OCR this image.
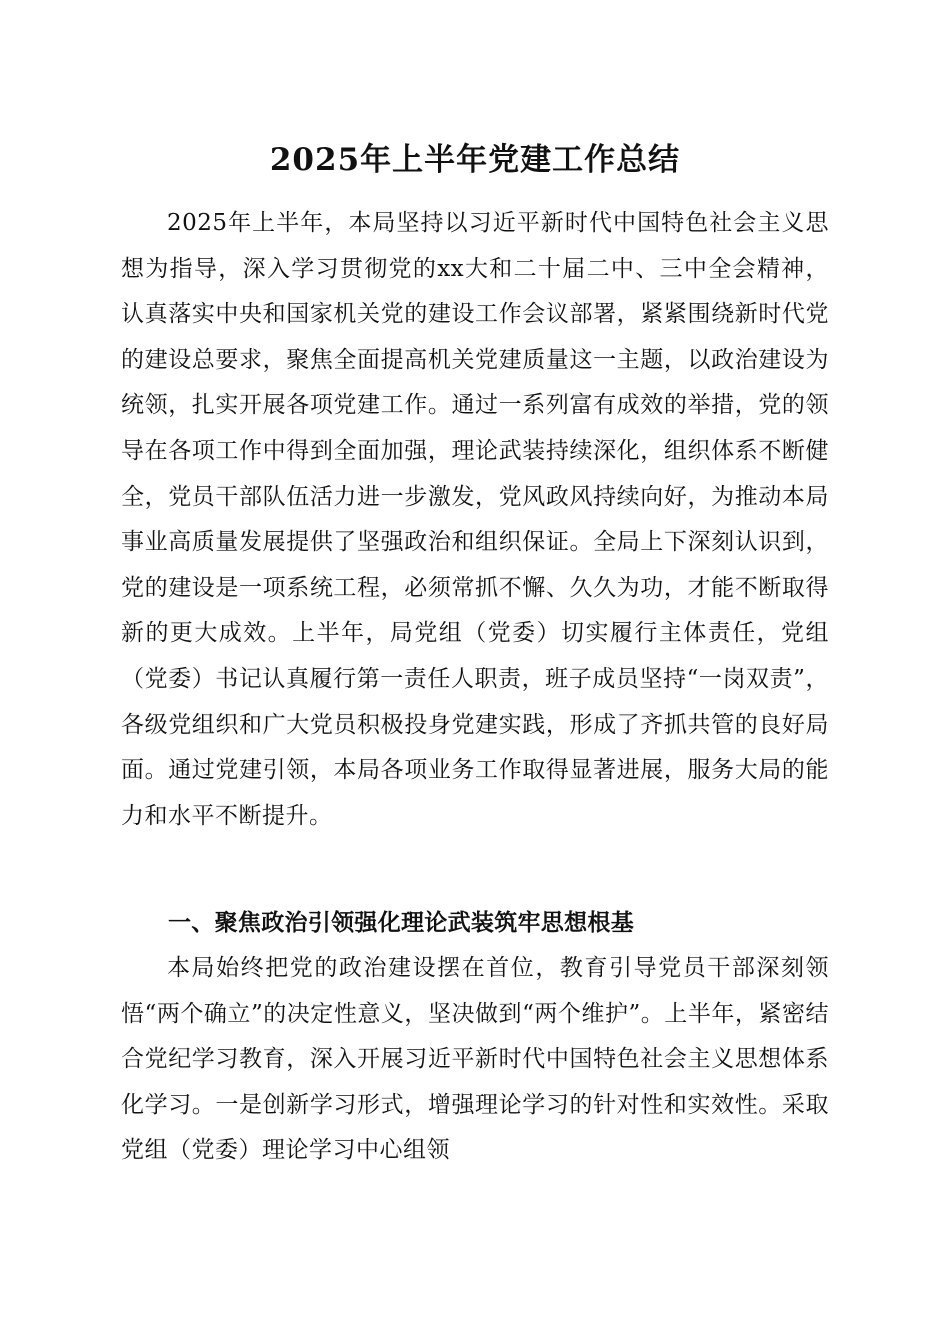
2025年上半年党建工作总结

2025年上半年，本局坚持以习近平新时代中国特色社会主义思想为指导，深入学习贯彻党的xx大和二十届二中、三中全会精神，认真落实中央和国家机关党的建设工作会议部署，紧紧围绕新时代党的建设总要求，聚焦全面提高机关党建质量这一主题，以政治建设为统领，扎实开展各项党建工作。通过一系列富有成效的举措，党的领导在各项工作中得到全面加强，理论武装持续深化，组织体系不断健全，党员干部队伍活力进一步激发，党风政风持续向好，为推动本局事业高质量发展提供了坚强政治和组织保证。全局上下深刻认识到，党的建设是一项系统工程，必须常抓不懈、久久为功，才能不断取得新的更大成效。上半年，局党组（党委）切实履行主体责任，党组（党委）书记认真履行第一责任人职责，班子成员坚持“一岗双责”，各级党组织和广大党员积极投身党建实践，形成了齐抓共管的良好局面。通过党建引领，本局各项业务工作取得显著进展，服务大局的能力和水平不断提升。

一、聚焦政治引领强化理论武装筑牢思想根基

本局始终把党的政治建设摆在首位，教育引导党员干部深刻领悟“两个确立”的决定性意义，坚决做到“两个维护”。上半年，紧密结合党纪学习教育，深入开展习近平新时代中国特色社会主义思想体系化学习。一是创新学习形式，增强理论学习的针对性和实效性。采取党组（党委）理论学习中心组领
